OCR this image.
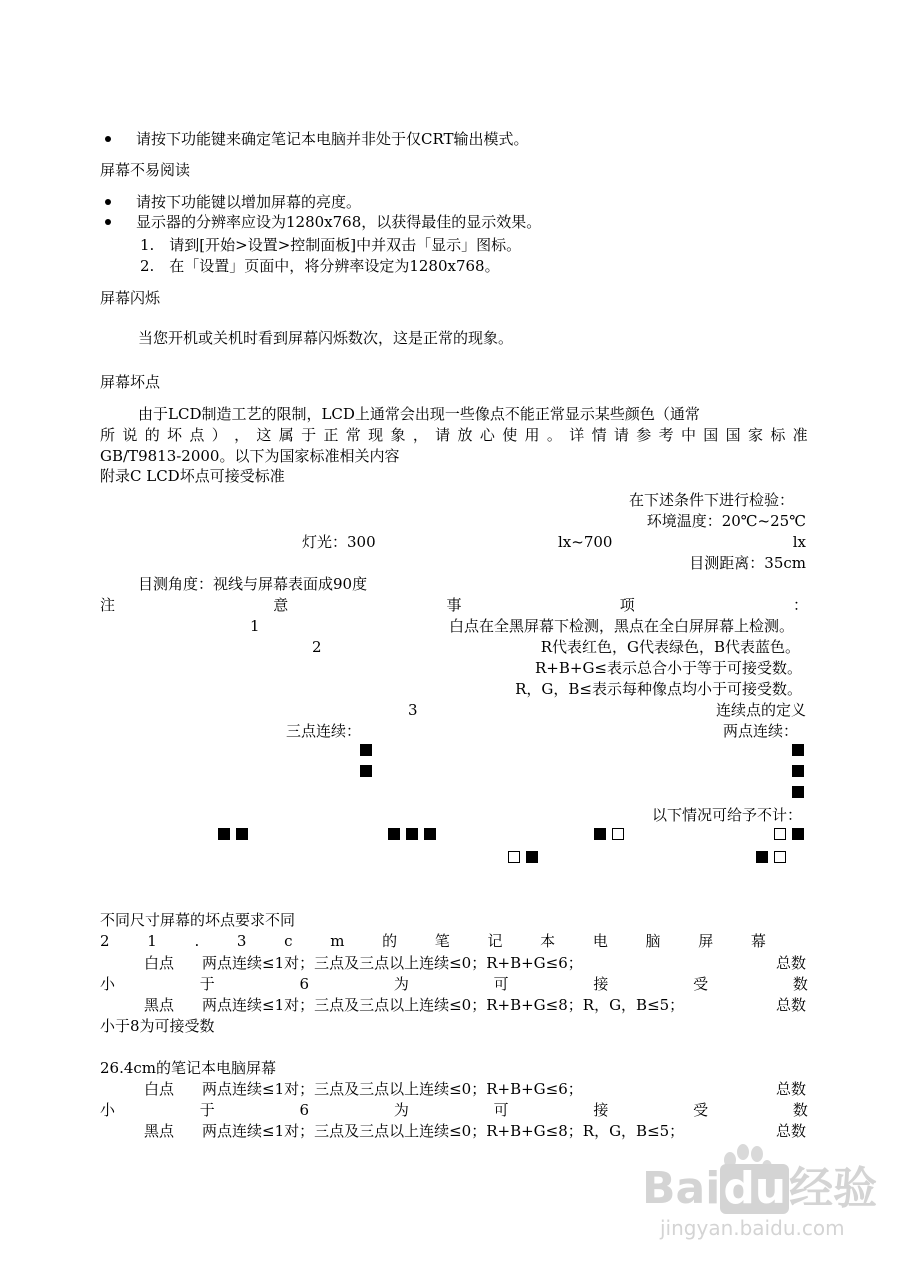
请按下功能键来确定笔记本电脑并非处于仅CRT输出模式。
屏幕不易阅读
请按下功能键以增加屏幕的亮度。
显示器的分辨率应设为1280x768，以获得最佳的显示效果。
1.　请到[开始>设置>控制面板]中并双击「显示」图标。
2.　在「设置」页面中，将分辨率设定为1280x768。
屏幕闪烁
当您开机或关机时看到屏幕闪烁数次，这是正常的现象。
屏幕坏点
由于LCD制造工艺的限制，LCD上通常会出现一些像点不能正常显示某些颜色（通常
所 说 的 坏 点 ） ， 这 属 于 正 常 现 象 ， 请 放 心 使 用 。 详 情 请 参 考 中 国 国 家 标 准
GB/T9813-2000。以下为国家标准相关内容
附录C LCD坏点可接受标准
在下述条件下进行检验：
环境温度：20℃~25℃
灯光：300	lx~700	lx
目测距离：35cm
目测角度：视线与屏幕表面成90度
注	意	事	项	：
1	白点在全黑屏幕下检测，黑点在全白屏屏幕上检测。
2	R代表红色，G代表绿色，B代表蓝色。
R+B+G≤表示总合小于等于可接受数。
R，G，B≤表示每种像点均小于可接受数。
3	连续点的定义
三点连续：	两点连续：
以下情况可给予不计：
不同尺寸屏幕的坏点要求不同
2	1	.	3	c	m	的	笔	记	本	电	脑	屏	幕
白点 两点连续≤1对；三点及三点以上连续≤0；R+B+G≤6；	总数
小	于	6	为	可	接	受	数
黑点 两点连续≤1对；三点及三点以上连续≤0；R+B+G≤8；R，G，B≤5；	总数
小于8为可接受数
26.4cm的笔记本电脑屏幕
白点 两点连续≤1对；三点及三点以上连续≤0；R+B+G≤6；	总数
小	于	6	为	可	接	受	数
黑点 两点连续≤1对；三点及三点以上连续≤0；R+B+G≤8；R，G，B≤5；	总数
Baidu经验
jingyan.baidu.com
